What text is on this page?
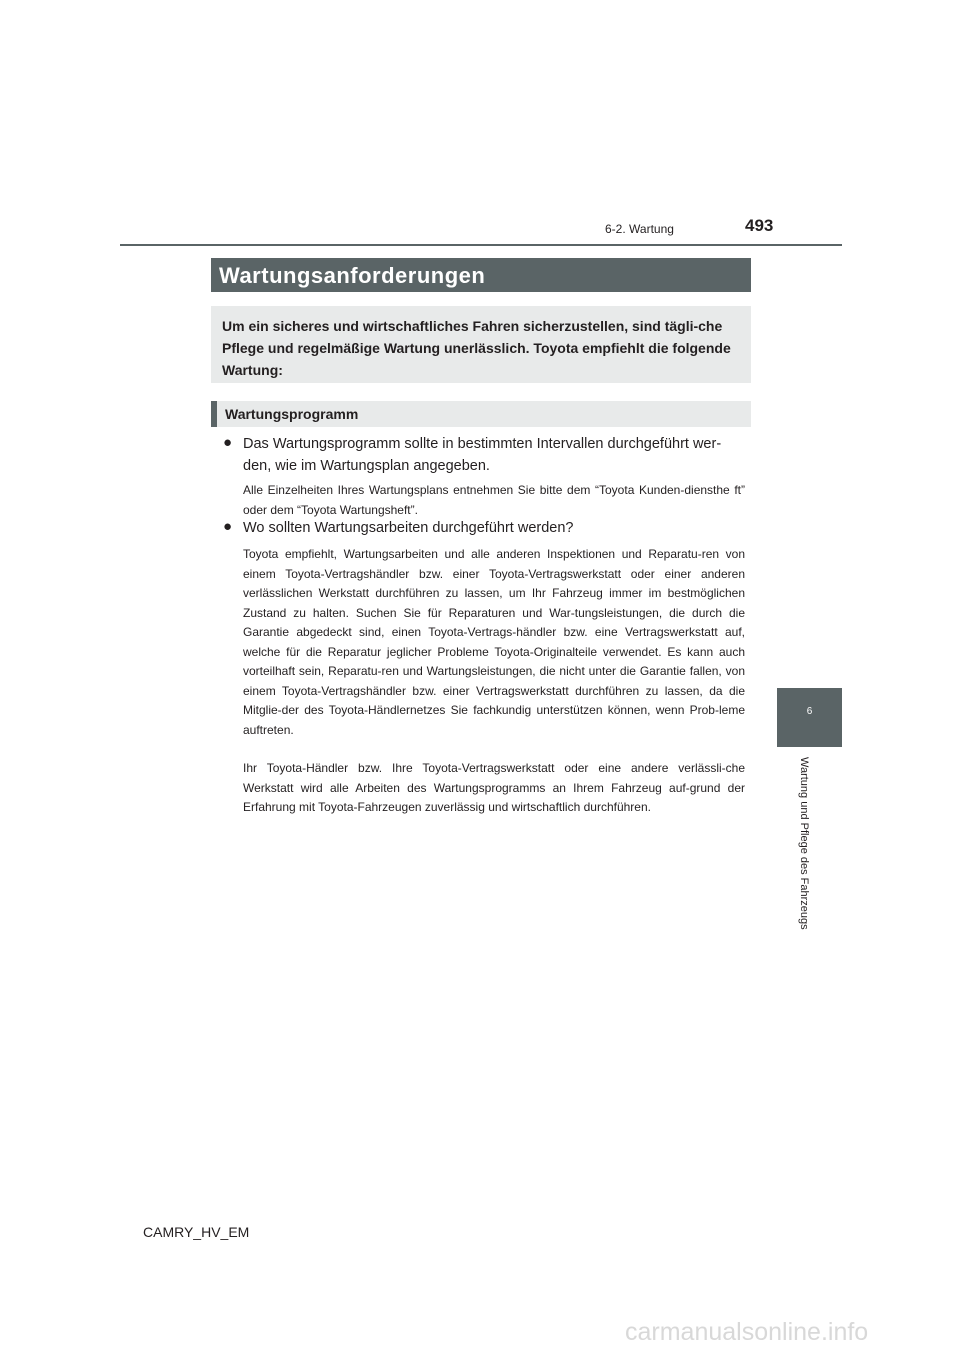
6-2. Wartung	493
6
Wartung und Pflege des Fahrzeugs
Wartungsanforderungen
Um ein sicheres und wirtschaftliches Fahren sicherzustellen, sind tägli-che Pflege und regelmäßige Wartung unerlässlich. Toyota empfiehlt die folgende Wartung:
Wartungsprogramm
● Das Wartungsprogramm sollte in bestimmten Intervallen durchgeführt wer-den, wie im Wartungsplan angegeben.
Alle Einzelheiten Ihres Wartungsplans entnehmen Sie bitte dem “Toyota Kunden-diensthe ft” oder dem “Toyota Wartungsheft”.
● Wo sollten Wartungsarbeiten durchgeführt werden?
Toyota empfiehlt, Wartungsarbeiten und alle anderen Inspektionen und Reparatu-ren von einem Toyota-Vertragshändler bzw. einer Toyota-Vertragswerkstatt oder einer anderen verlässlichen Werkstatt durchführen zu lassen, um Ihr Fahrzeug immer im bestmöglichen Zustand zu halten. Suchen Sie für Reparaturen und War-tungsleistungen, die durch die Garantie abgedeckt sind, einen Toyota-Vertrags-händler bzw. eine Vertragswerkstatt auf, welche für die Reparatur jeglicher Probleme Toyota-Originalteile verwendet. Es kann auch vorteilhaft sein, Reparatu-ren und Wartungsleistungen, die nicht unter die Garantie fallen, von einem Toyota-Vertragshändler bzw. einer Vertragswerkstatt durchführen zu lassen, da die Mitglie-der des Toyota-Händlernetzes Sie fachkundig unterstützen können, wenn Prob-leme auftreten.
Ihr Toyota-Händler bzw. Ihre Toyota-Vertragswerkstatt oder eine andere verlässli-che Werkstatt wird alle Arbeiten des Wartungsprogramms an Ihrem Fahrzeug auf-grund der Erfahrung mit Toyota-Fahrzeugen zuverlässig und wirtschaftlich durchführen.
CAMRY_HV_EM
carmanualsonline.info
